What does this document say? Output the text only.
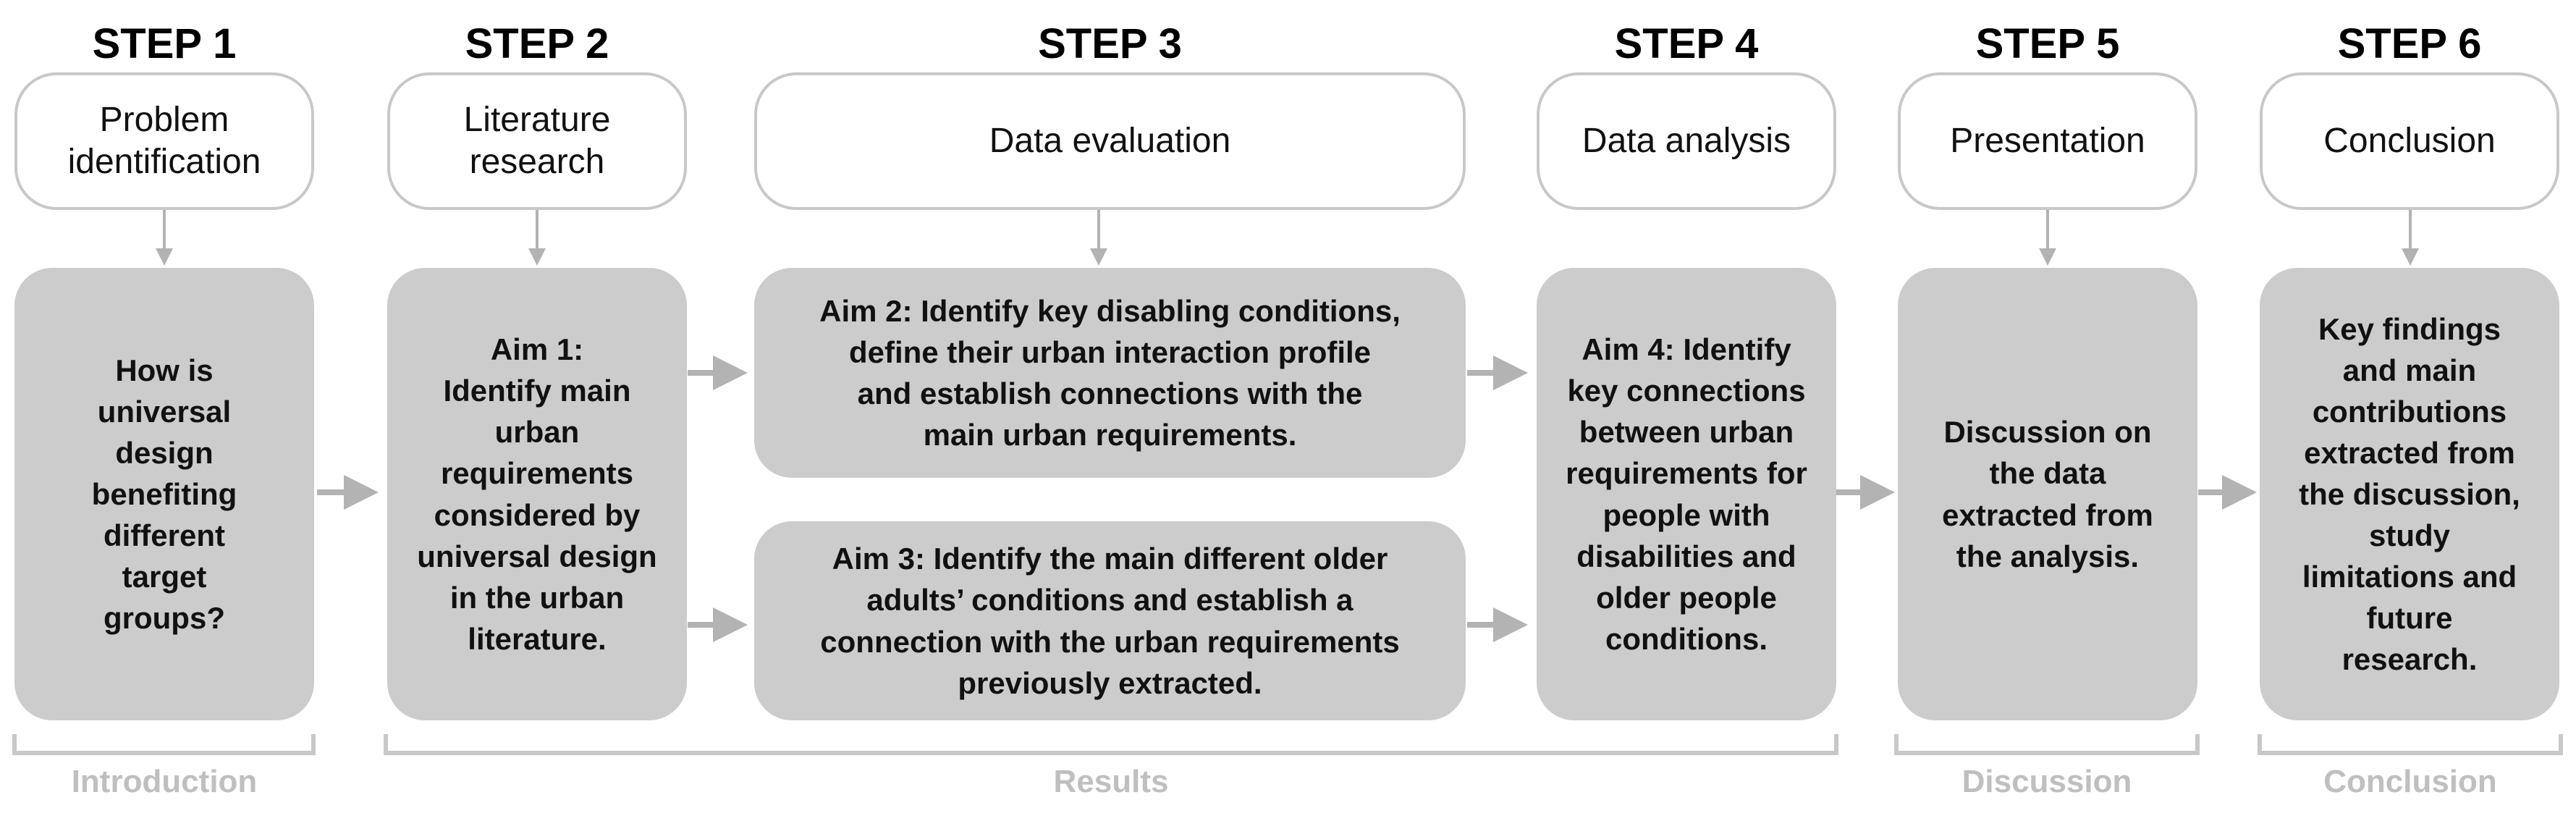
STEP 1	STEP 2	STEP 3	STEP 4	STEP 5	STEP 6
Problem
identification
Literature
research
Data evaluation	Data analysis	Presentation	Conclusion
How is
universal
design
benefiting
different
target
groups?
Aim 1:
Identify main
urban
requirements
considered by
universal design
in the urban
literature.
Aim 2: Identify key disabling conditions,
define their urban interaction profile
and establish connections with the
main urban requirements.
Aim 3: Identify the main different older
adults’ conditions and establish a
connection with the urban requirements
previously extracted.
Aim 4: Identify
key connections
between urban
requirements for
people with
disabilities and
older people
conditions.
Discussion on
the data
extracted from
the analysis.
Key findings
and main
contributions
extracted from
the discussion,
study
limitations and
future
research.
Introduction	Results	Discussion	Conclusion
